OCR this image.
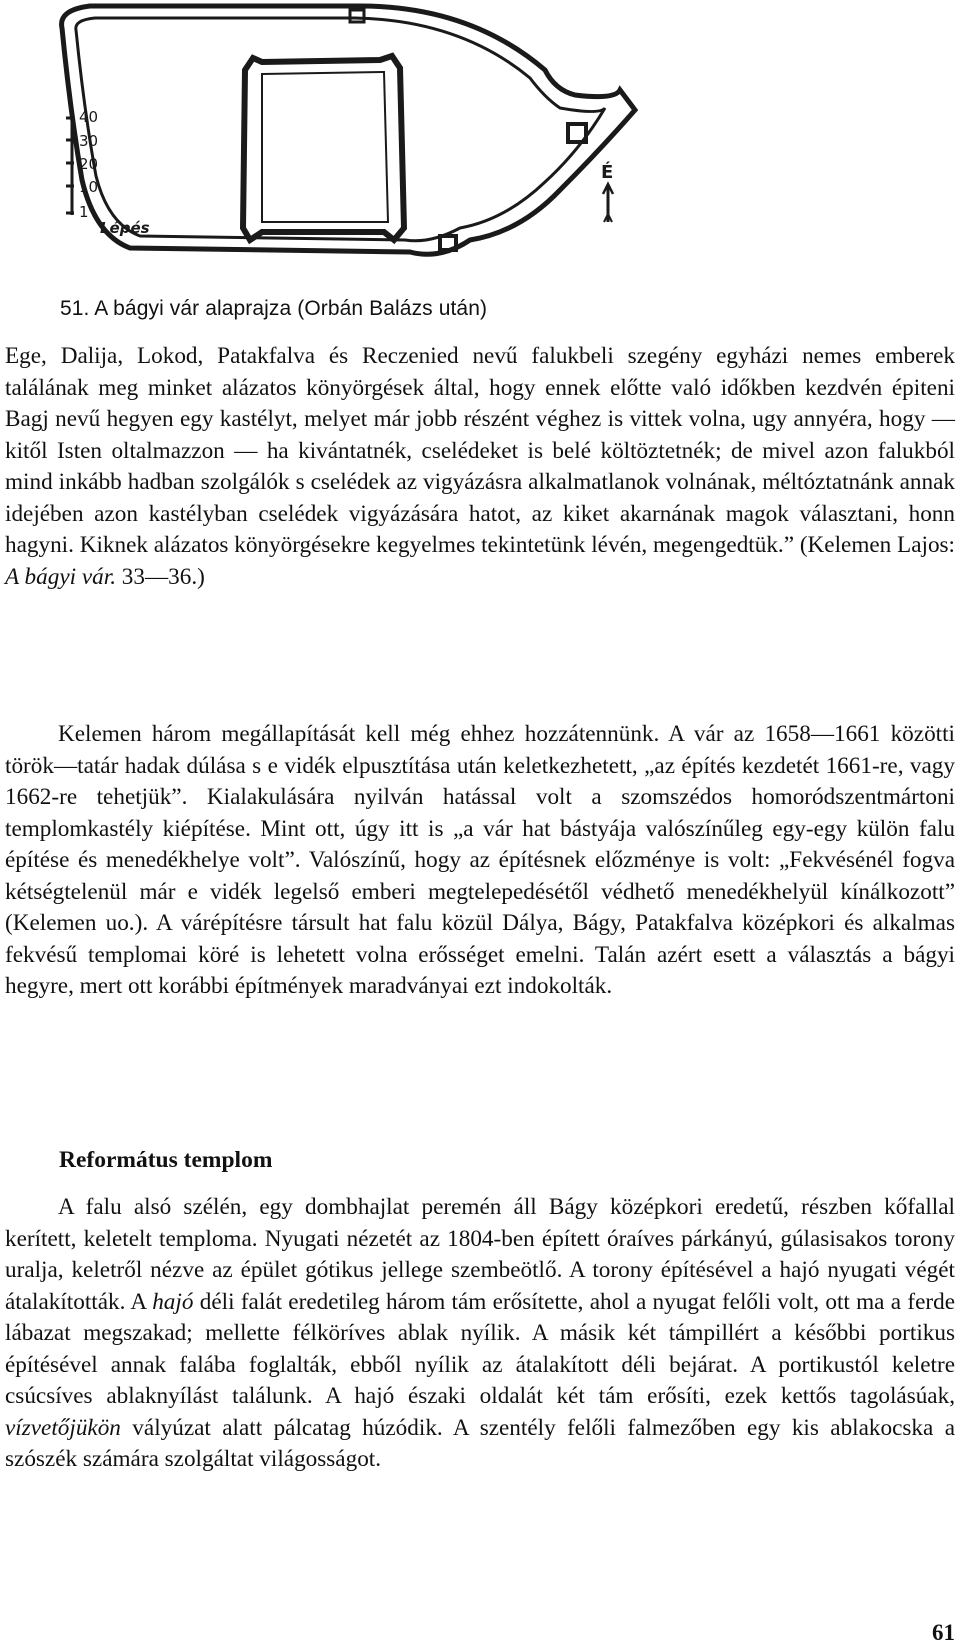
40
30
20
10
1
Lépés
É
51. A bágyi vár alaprajza (Orbán Balázs után)

Ege, Dalija, Lokod, Patakfalva és Reczenied nevű falukbeli szegény egyházi nemes emberek találának meg minket alázatos könyörgések által, hogy ennek előtte való időkben kezdvén épiteni Bagj nevű hegyen egy kastélyt, melyet már jobb részént véghez is vittek volna, ugy annyéra, hogy — kitől Isten oltalmazzon — ha kivántatnék, cselédeket is belé költöztetnék; de mivel azon falukból mind inkább hadban szolgálók s cselédek az vigyázásra alkalmatlanok volnának, méltóztatnánk annak idejében azon kastélyban cselédek vigyázására hatot, az kiket akarnának magok választani, honn hagyni. Kiknek alázatos könyörgésekre kegyelmes tekintetünk lévén, megengedtük.” (Kelemen Lajos: A bágyi vár. 33—36.)

Kelemen három megállapítását kell még ehhez hozzátennünk. A vár az 1658—1661 közötti török—tatár hadak dúlása s e vidék elpusztítása után keletkezhetett, „az építés kezdetét 1661-re, vagy 1662-re tehetjük”. Kialakulására nyilván hatással volt a szomszédos homoródszentmártoni templomkastély kiépítése. Mint ott, úgy itt is „a vár hat bástyája valószínűleg egy-egy külön falu építése és menedékhelye volt”. Valószínű, hogy az építésnek előzménye is volt: „Fekvésénél fogva kétségtelenül már e vidék legelső emberi megtelepedésétől védhető menedékhelyül kínálkozott” (Kelemen uo.). A várépítésre társult hat falu közül Dálya, Bágy, Patakfalva középkori és alkalmas fekvésű templomai köré is lehetett volna erősséget emelni. Talán azért esett a választás a bágyi hegyre, mert ott korábbi építmények maradványai ezt indokolták.

Református templom

A falu alsó szélén, egy dombhajlat peremén áll Bágy középkori eredetű, részben kőfallal kerített, keletelt temploma. Nyugati nézetét az 1804-ben épített óraíves párkányú, gúlasisakos torony uralja, keletről nézve az épület gótikus jellege szembeötlő. A torony építésével a hajó nyugati végét átalakították. A hajó déli falát eredetileg három tám erősítette, ahol a nyugat felőli volt, ott ma a ferde lábazat megszakad; mellette félköríves ablak nyílik. A másik két támpillért a későbbi portikus építésével annak falába foglalták, ebből nyílik az átalakított déli bejárat. A portikustól keletre csúcsíves ablaknyílást találunk. A hajó északi oldalát két tám erősíti, ezek kettős tagolásúak, vízvetőjükön vályúzat alatt pálcatag húzódik. A szentély felőli falmezőben egy kis ablakocska a szószék számára szolgáltat világosságot.

61
